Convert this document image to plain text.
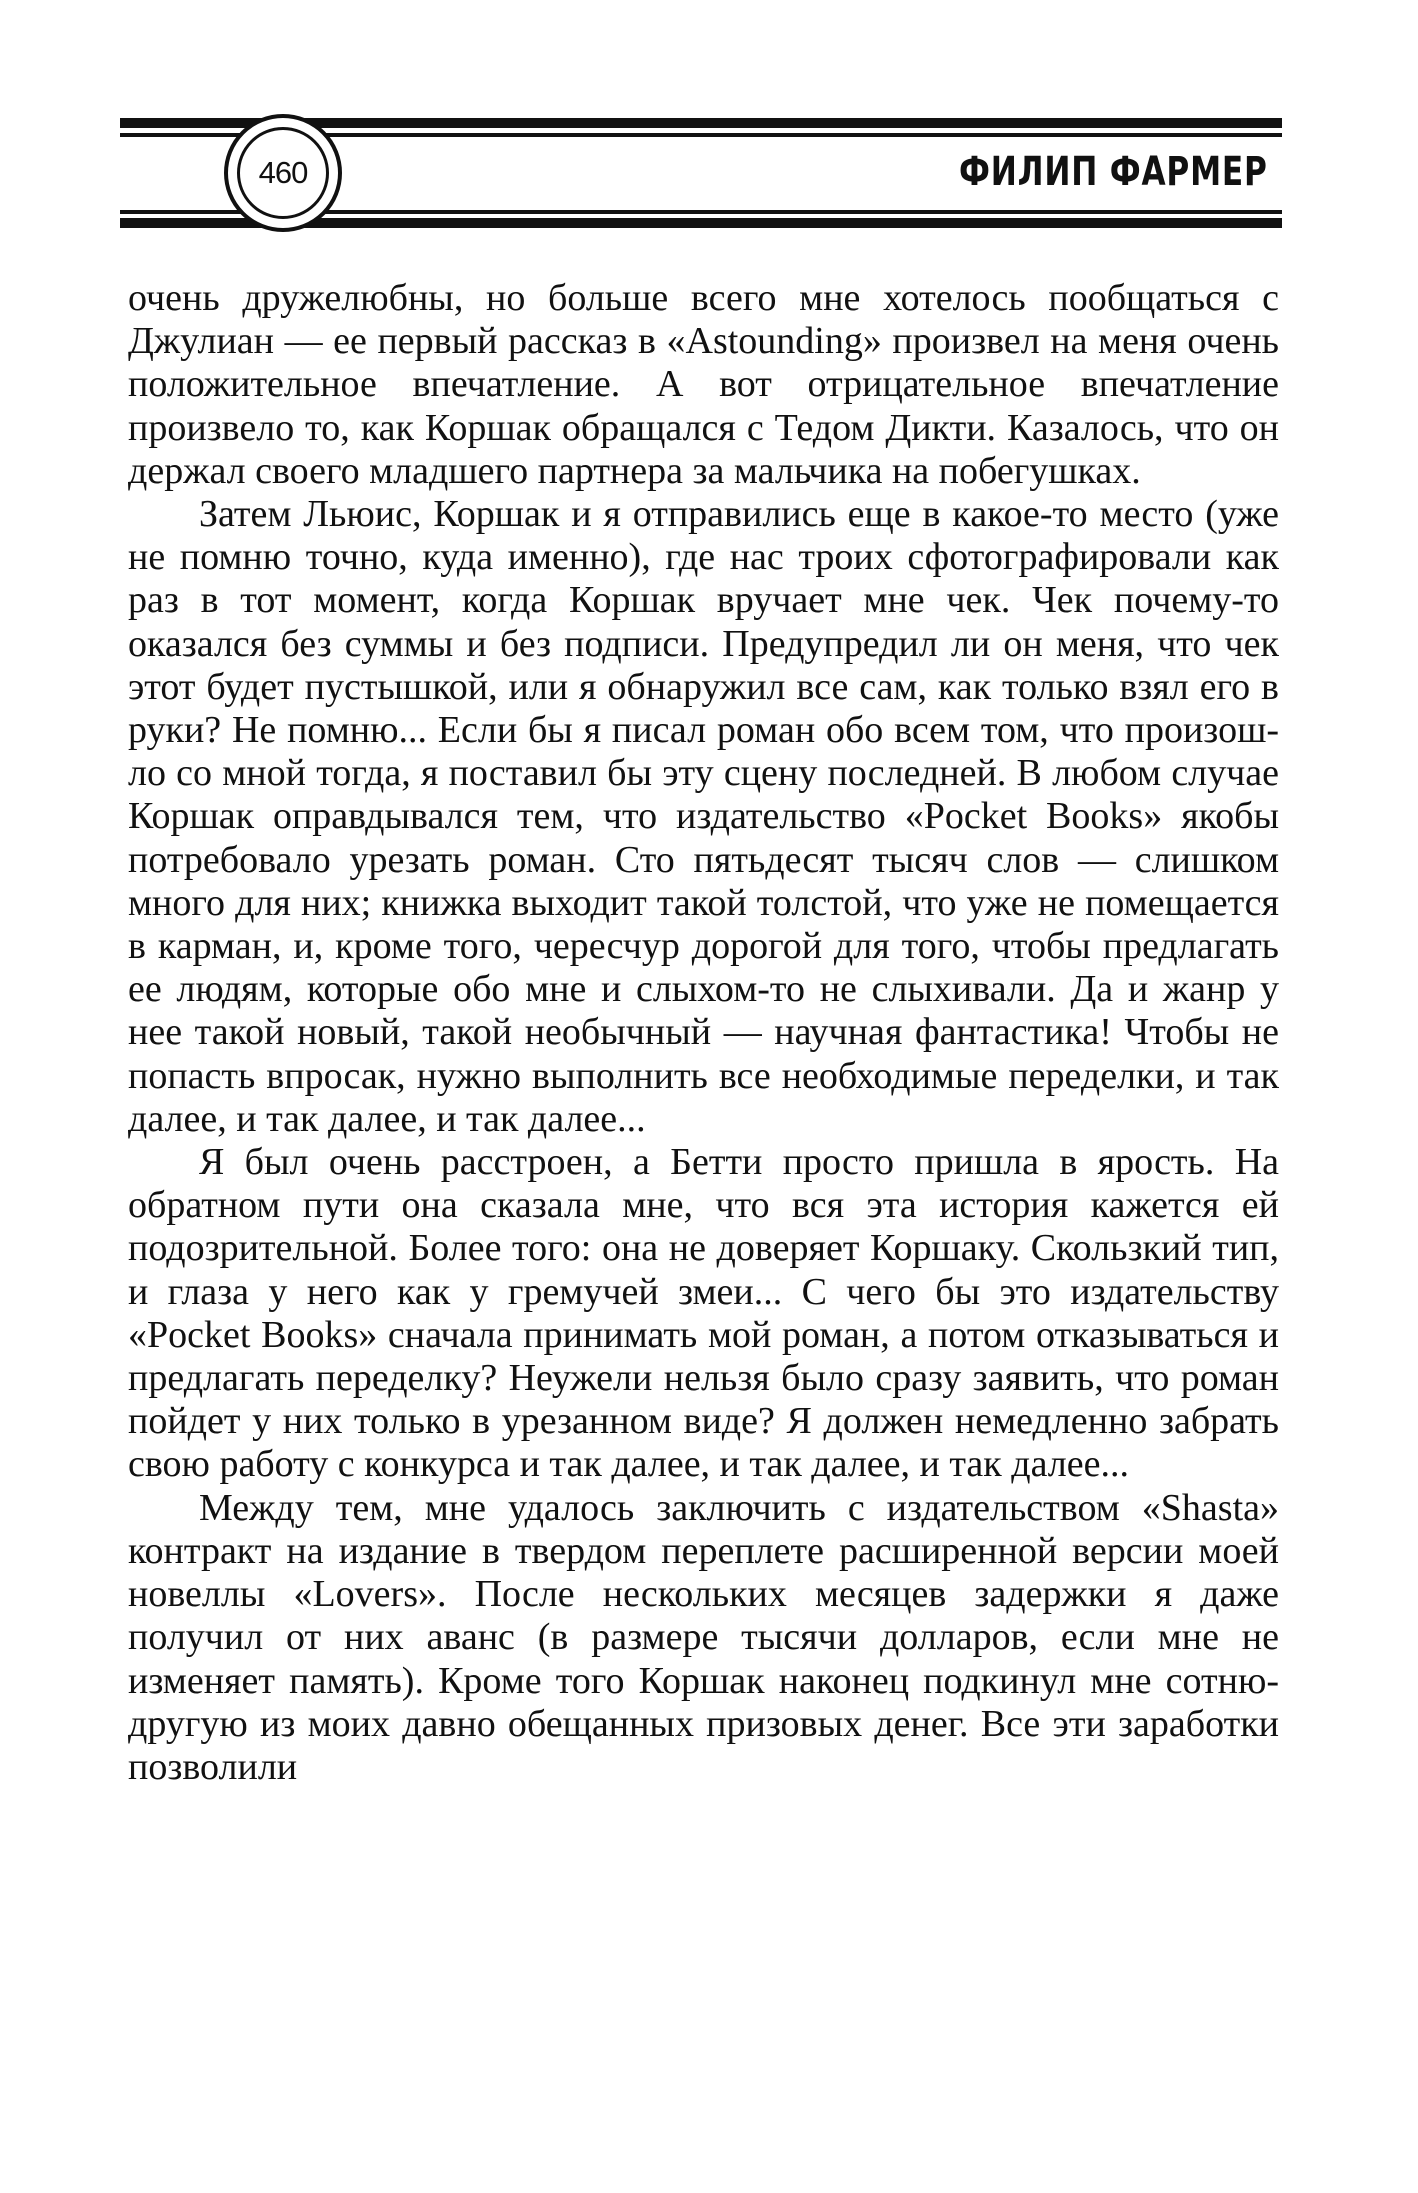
460	ФИЛИП ФАРМЕР

очень дружелюбны, но больше всего мне хотелось пообщаться с Джулиан — ее первый рассказ в «Astounding» произвел на меня очень положительное впечатление. А вот отрицательное впечатление произвело то, как Коршак обращался с Тедом Дикти. Казалось, что он держал своего младшего партнера за мальчика на побегушках.

Затем Льюис, Коршак и я отправились еще в какое-то место (уже не помню точно, куда именно), где нас троих сфотографировали как раз в тот момент, когда Коршак вручает мне чек. Чек почему-то оказался без суммы и без подписи. Предупредил ли он меня, что чек этот будет пустышкой, или я обнаружил все сам, как только взял его в руки? Не помню... Если бы я писал роман обо всем том, что произошло со мной тогда, я поставил бы эту сцену последней. В любом случае Коршак оправдывался тем, что издательство «Pocket Books» якобы потребовало урезать роман. Сто пятьдесят тысяч слов — слишком много для них; книжка выходит такой толстой, что уже не помещается в карман, и, кроме того, чересчур дорогой для того, чтобы предлагать ее людям, которые обо мне и слыхом-то не слыхивали. Да и жанр у нее такой новый, такой необычный — научная фантастика! Чтобы не попасть впросак, нужно выполнить все необходимые переделки, и так далее, и так далее, и так далее...

Я был очень расстроен, а Бетти просто пришла в ярость. На обратном пути она сказала мне, что вся эта история кажется ей подозрительной. Более того: она не доверяет Коршаку. Скользкий тип, и глаза у него как у гремучей змеи... С чего бы это издательству «Pocket Books» сначала принимать мой роман, а потом отказываться и предлагать переделку? Неужели нельзя было сразу заявить, что роман пойдет у них только в урезанном виде? Я должен немедленно забрать свою работу с конкурса и так далее, и так далее, и так далее...

Между тем, мне удалось заключить с издательством «Shasta» контракт на издание в твердом переплете расширенной версии моей новеллы «Lovers». После нескольких месяцев задержки я даже получил от них аванс (в размере тысячи долларов, если мне не изменяет память). Кроме того Коршак наконец подкинул мне сотню-другую из моих давно обещанных призовых денег. Все эти заработки позволили
